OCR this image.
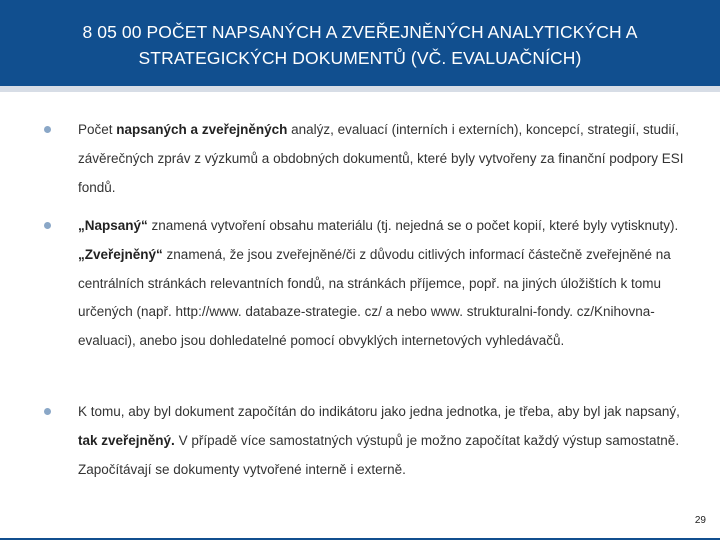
8 05 00 POČET NAPSANÝCH A ZVEŘEJNĚNÝCH ANALYTICKÝCH A
STRATEGICKÝCH DOKUMENTŮ (VČ. EVALUAČNÍCH)
Počet napsaných a zveřejněných analýz, evaluací (interních i externích), koncepcí, strategií, studií, závěrečných zpráv z výzkumů a obdobných dokumentů, které byly vytvořeny za finanční podpory ESI fondů.
„Napsaný“ znamená vytvoření obsahu materiálu (tj. nejedná se o počet kopií, které byly vytisknuty). „Zveřejněný“ znamená, že jsou zveřejněné/či z důvodu citlivých informací částečně zveřejněné na centrálních stránkách relevantních fondů, na stránkách příjemce, popř. na jiných úložištích k tomu určených (např. http://www. databaze-strategie. cz/ a nebo www. strukturalni-fondy. cz/Knihovna-evaluaci), anebo jsou dohledatelné pomocí obvyklých internetových vyhledávačů.
K tomu, aby byl dokument započítán do indikátoru jako jedna jednotka, je třeba, aby byl jak napsaný, tak zveřejněný. V případě více samostatných výstupů je možno započítat každý výstup samostatně. Započítávají se dokumenty vytvořené interně i externě.
29
